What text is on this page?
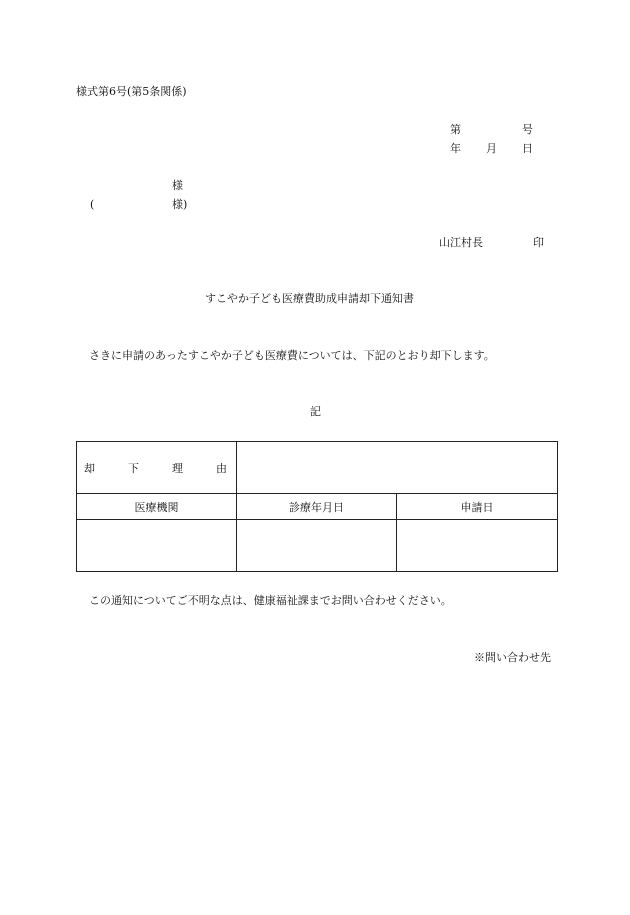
様式第6号(第5条関係)
第	号
年 月 日
様
(	様)
山江村長	印
すこやか子ども医療費助成申請却下通知書
さきに申請のあったすこやか子ども医療費については、下記のとおり却下します。
記
却 下 理 由		

医療機関	診療年月日	申請日

この通知についてご不明な点は、健康福祉課までお問い合わせください。
※問い合わせ先
